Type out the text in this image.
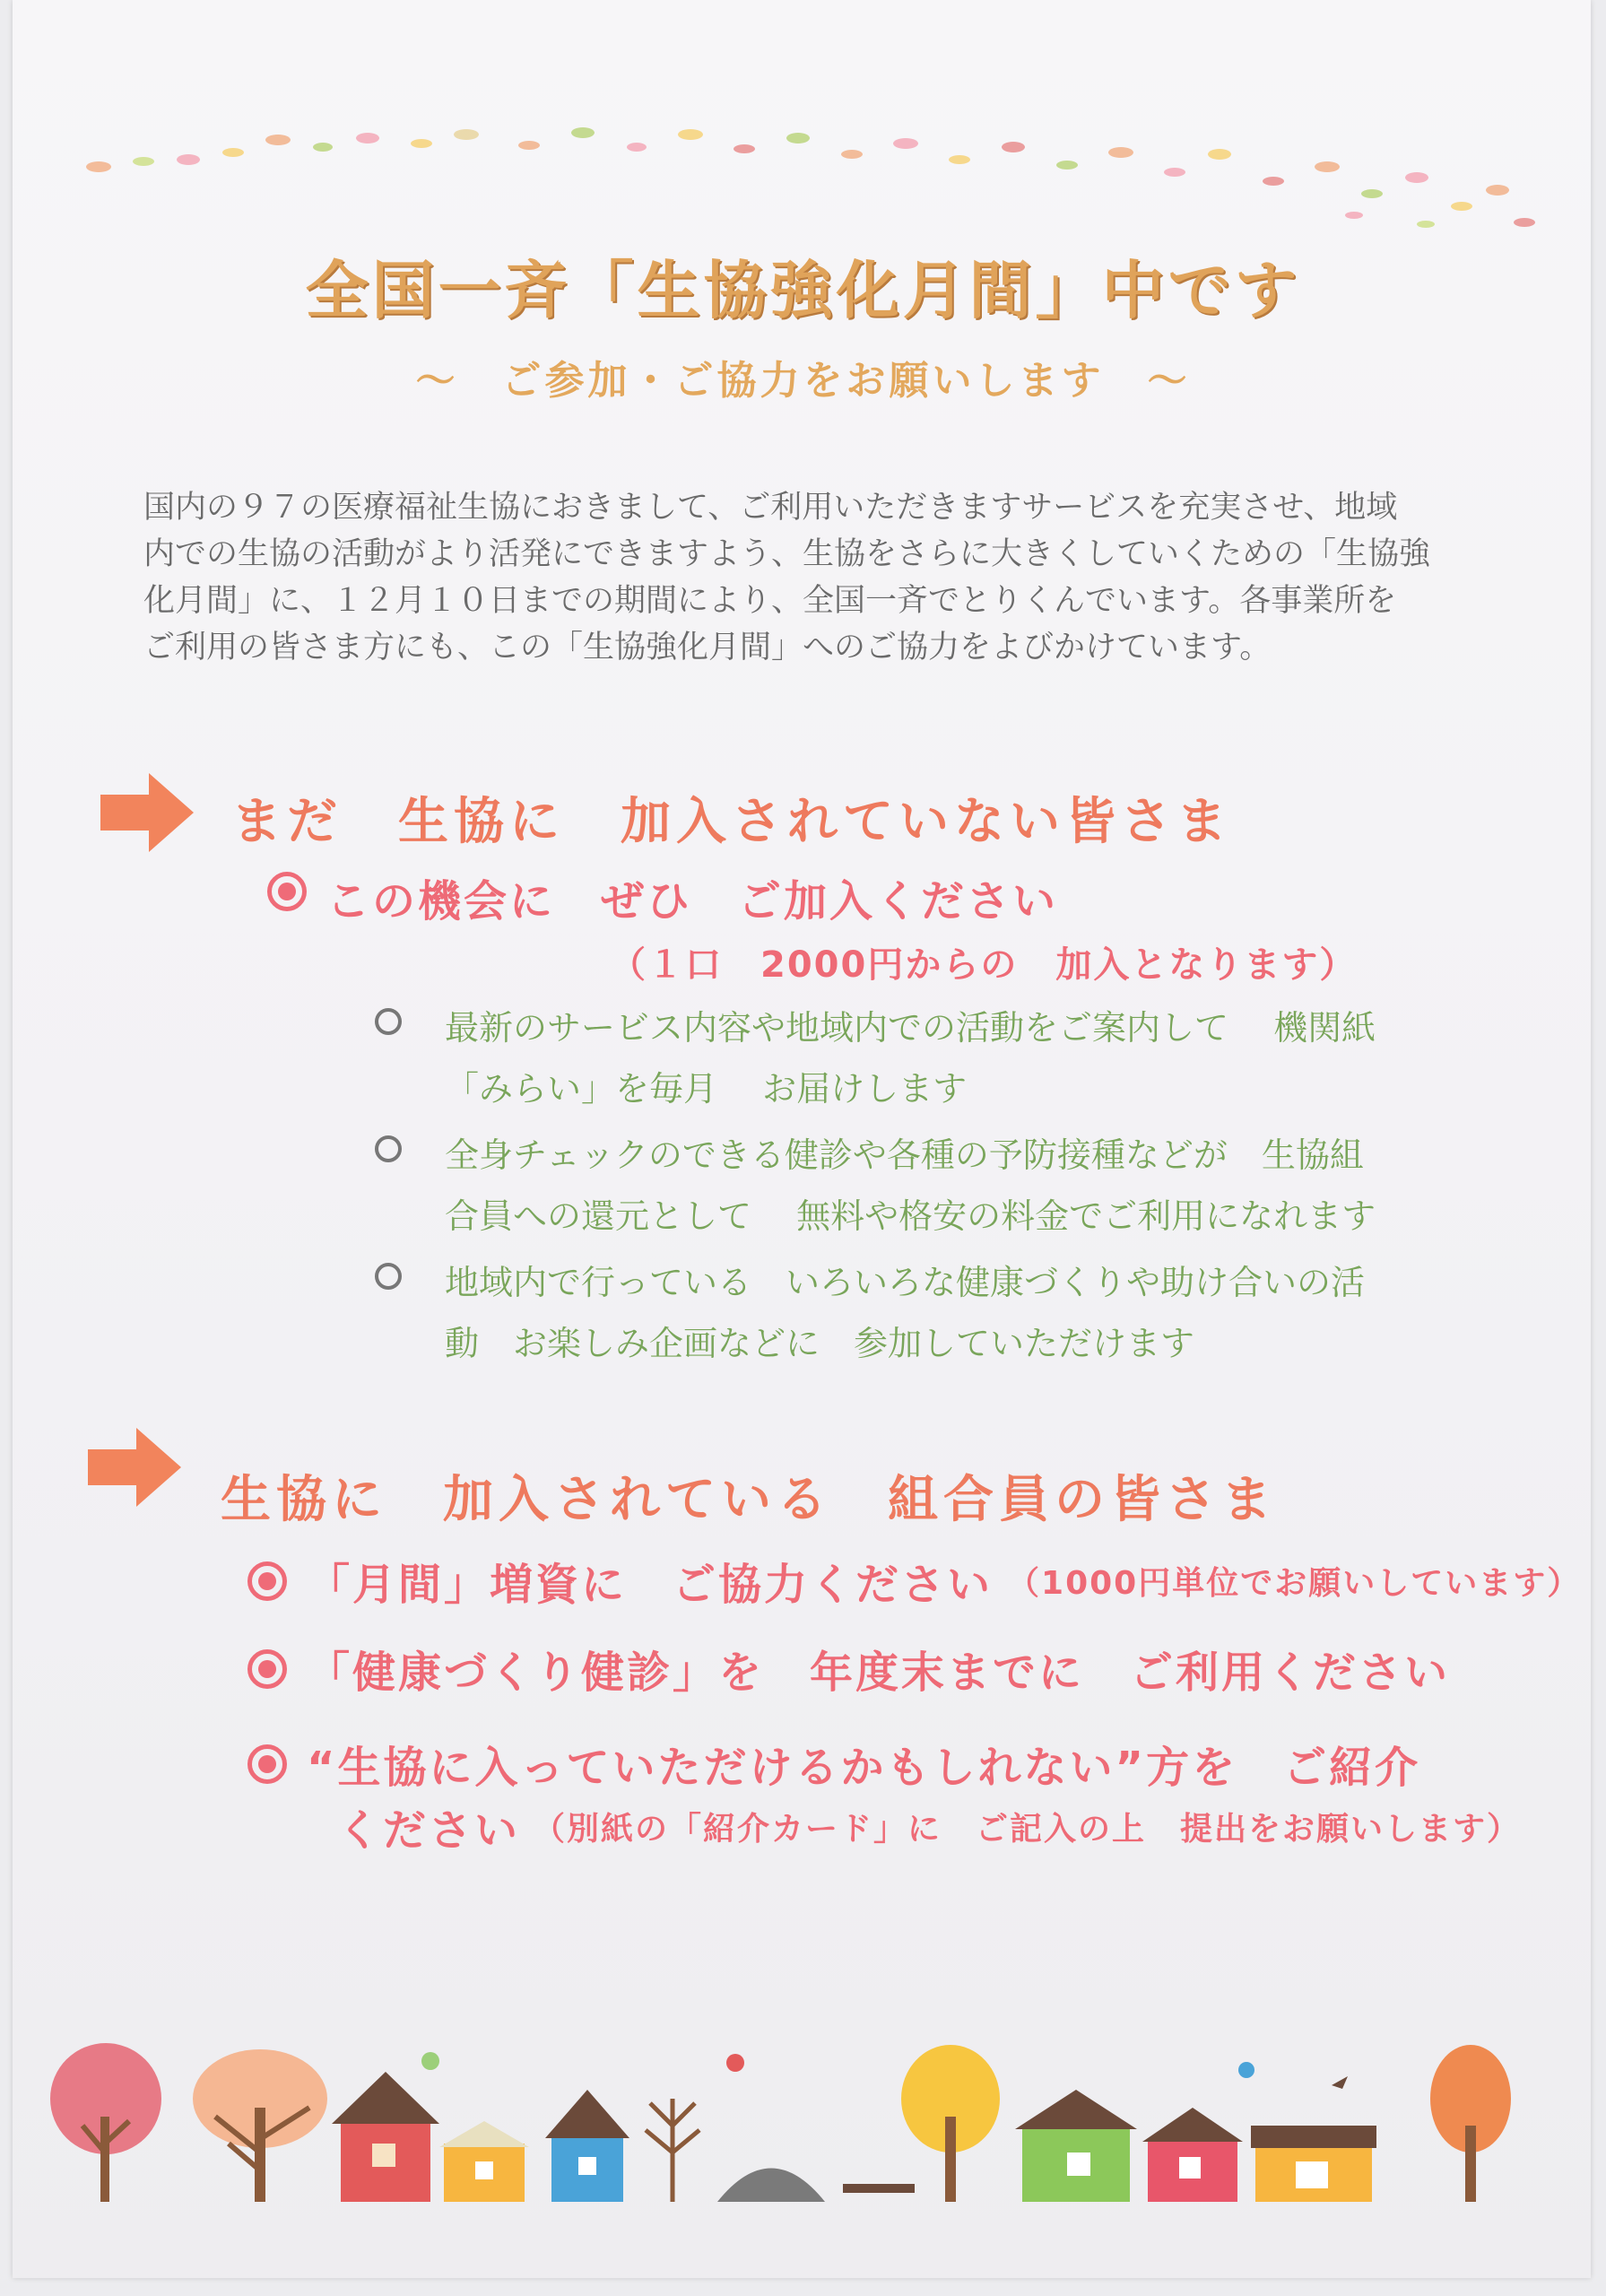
全国一斉「生協強化月間」中です
～　ご参加・ご協力をお願いします　～
国内の９７の医療福祉生協におきまして、ご利用いただきますサービスを充実させ、地域
内での生協の活動がより活発にできますよう、生協をさらに大きくしていくための「生協強
化月間」に、１２月１０日までの期間により、全国一斉でとりくんでいます。各事業所を
ご利用の皆さま方にも、この「生協強化月間」へのご協力をよびかけています。
まだ　生協に　加入されていない皆さま
この機会に　ぜひ　ご加入ください
（１口　2000円からの　加入となります）
最新のサービス内容や地域内での活動をご案内して　 機関紙
「みらい」を毎月　 お届けします
全身チェックのできる健診や各種の予防接種などが　生協組
合員への還元として　 無料や格安の料金でご利用になれます
地域内で行っている　いろいろな健康づくりや助け合いの活
動　お楽しみ企画などに　参加していただけます
生協に　加入されている　組合員の皆さま
「月間」増資に　ご協力ください （1000円単位でお願いしています）
「健康づくり健診」を　年度末までに　ご利用ください
“生協に入っていただけるかもしれない”方を　ご紹介
ください （別紙の「紹介カード」に　ご記入の上　提出をお願いします）
